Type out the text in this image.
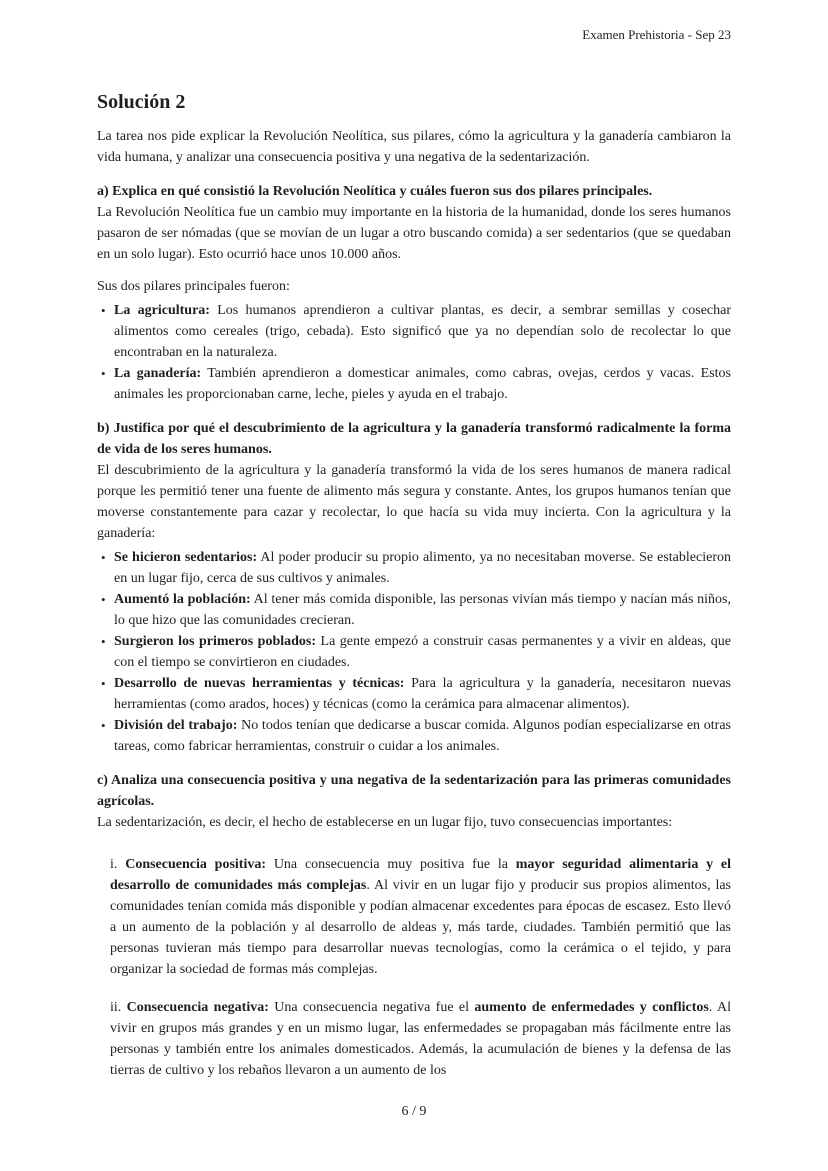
Examen Prehistoria - Sep 23
Solución 2

La tarea nos pide explicar la Revolución Neolítica, sus pilares, cómo la agricultura y la ganadería cambiaron la vida humana, y analizar una consecuencia positiva y una negativa de la sedentarización.

a) Explica en qué consistió la Revolución Neolítica y cuáles fueron sus dos pilares principales.
La Revolución Neolítica fue un cambio muy importante en la historia de la humanidad, donde los seres humanos pasaron de ser nómadas (que se movían de un lugar a otro buscando comida) a ser sedentarios (que se quedaban en un solo lugar). Esto ocurrió hace unos 10.000 años.

Sus dos pilares principales fueron:

• La agricultura: Los humanos aprendieron a cultivar plantas, es decir, a sembrar semillas y cosechar alimentos como cereales (trigo, cebada). Esto significó que ya no dependían solo de recolectar lo que encontraban en la naturaleza.
• La ganadería: También aprendieron a domesticar animales, como cabras, ovejas, cerdos y vacas. Estos animales les proporcionaban carne, leche, pieles y ayuda en el trabajo.
b) Justifica por qué el descubrimiento de la agricultura y la ganadería transformó radicalmente la forma de vida de los seres humanos.
El descubrimiento de la agricultura y la ganadería transformó la vida de los seres humanos de manera radical porque les permitió tener una fuente de alimento más segura y constante. Antes, los grupos humanos tenían que moverse constantemente para cazar y recolectar, lo que hacía su vida muy incierta. Con la agricultura y la ganadería:
• Se hicieron sedentarios: Al poder producir su propio alimento, ya no necesitaban moverse. Se establecieron en un lugar fijo, cerca de sus cultivos y animales.
• Aumentó la población: Al tener más comida disponible, las personas vivían más tiempo y nacían más niños, lo que hizo que las comunidades crecieran.
• Surgieron los primeros poblados: La gente empezó a construir casas permanentes y a vivir en aldeas, que con el tiempo se convirtieron en ciudades.
• Desarrollo de nuevas herramientas y técnicas: Para la agricultura y la ganadería, necesitaron nuevas herramientas (como arados, hoces) y técnicas (como la cerámica para almacenar alimentos).
• División del trabajo: No todos tenían que dedicarse a buscar comida. Algunos podían especializarse en otras tareas, como fabricar herramientas, construir o cuidar a los animales.
c) Analiza una consecuencia positiva y una negativa de la sedentarización para las primeras comunidades agrícolas.
La sedentarización, es decir, el hecho de establecerse en un lugar fijo, tuvo consecuencias importantes:
i. Consecuencia positiva: Una consecuencia muy positiva fue la mayor seguridad alimentaria y el desarrollo de comunidades más complejas. Al vivir en un lugar fijo y producir sus propios alimentos, las comunidades tenían comida más disponible y podían almacenar excedentes para épocas de escasez. Esto llevó a un aumento de la población y al desarrollo de aldeas y, más tarde, ciudades. También permitió que las personas tuvieran más tiempo para desarrollar nuevas tecnologías, como la cerámica o el tejido, y para organizar la sociedad de formas más complejas.
ii. Consecuencia negativa: Una consecuencia negativa fue el aumento de enfermedades y conflictos. Al vivir en grupos más grandes y en un mismo lugar, las enfermedades se propagaban más fácilmente entre las personas y también entre los animales domesticados. Además, la acumulación de bienes y la defensa de las tierras de cultivo y los rebaños llevaron a un aumento de los
6 / 9
